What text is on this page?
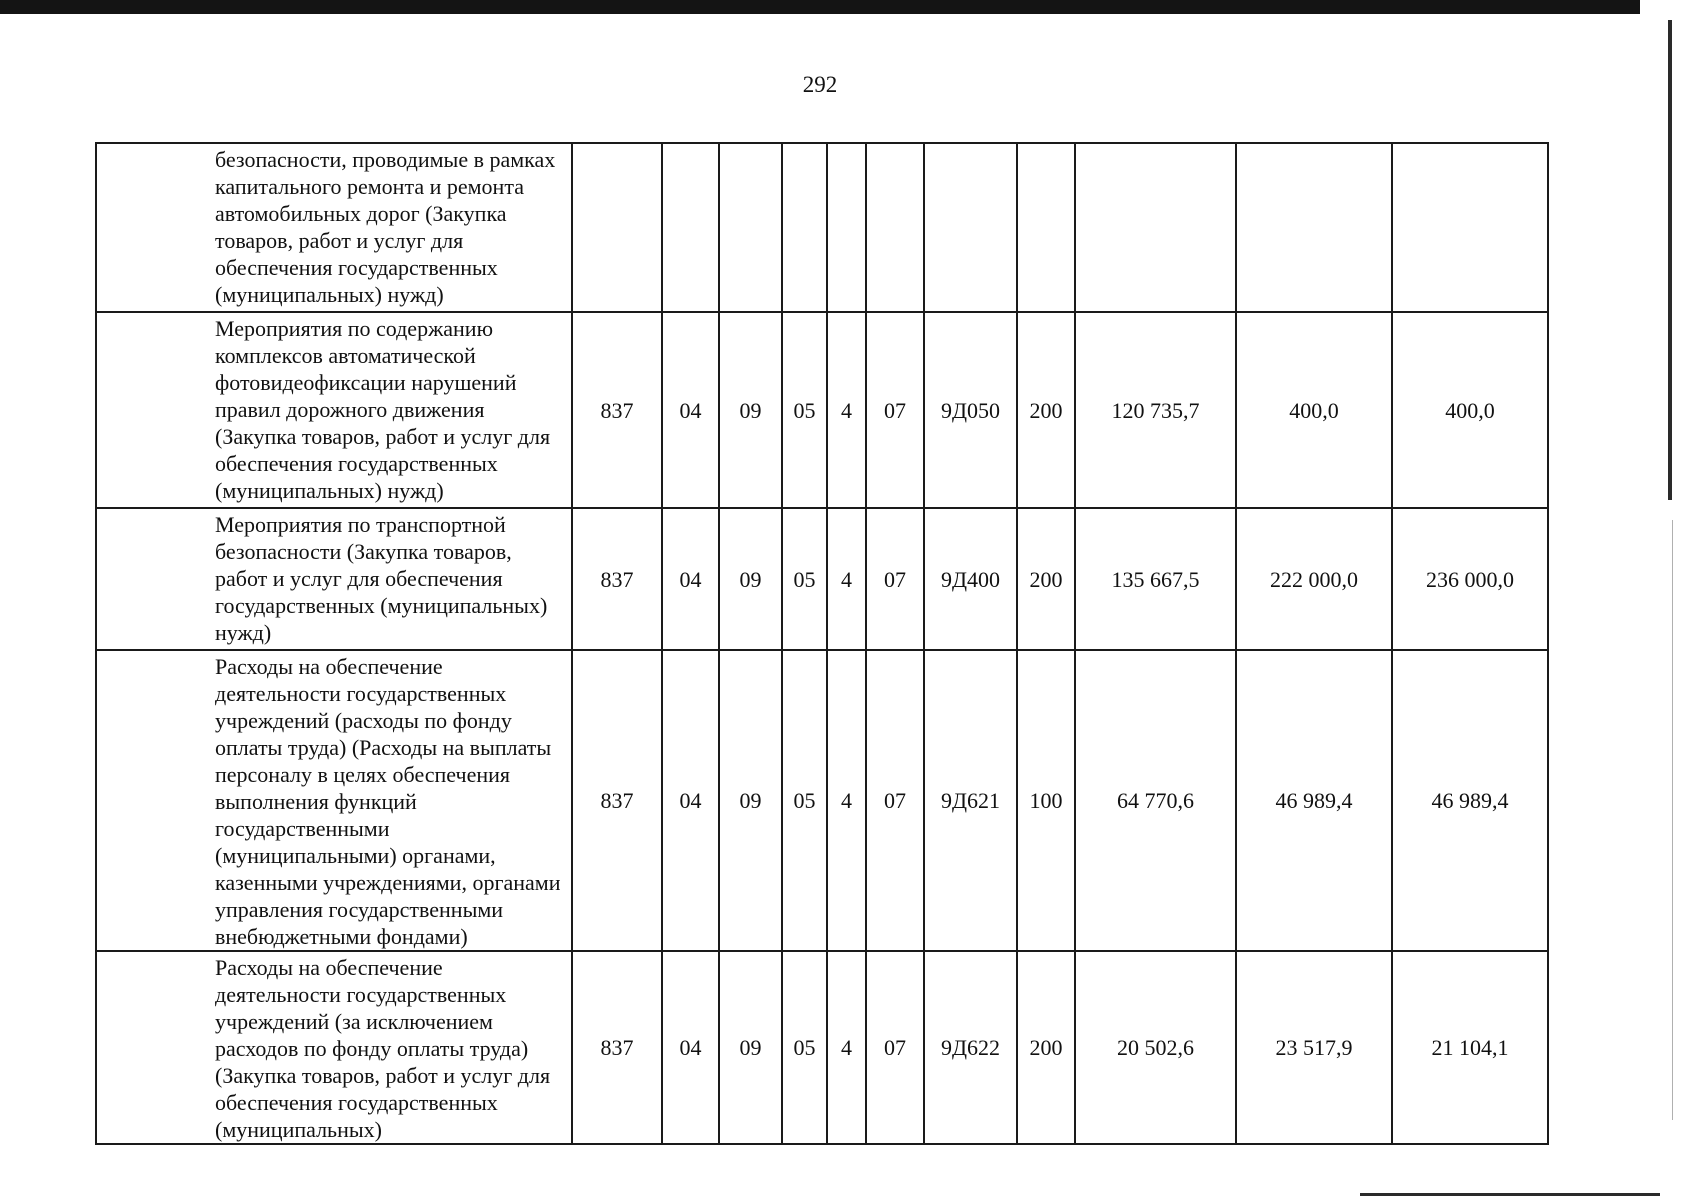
292
	безопасности, проводимые в рамках капитального ремонта и ремонта автомобильных дорог (Закупка товаров, работ и услуг для обеспечения государственных (муниципальных) нужд)											
	Мероприятия по содержанию комплексов автоматической фотовидеофиксации нарушений правил дорожного движения (Закупка товаров, работ и услуг для обеспечения государственных (муниципальных) нужд)	837	04	09	05	4	07	9Д050	200	120 735,7	400,0	400,0
	Мероприятия по транспортной безопасности (Закупка товаров, работ и услуг для обеспечения государственных (муниципальных) нужд)	837	04	09	05	4	07	9Д400	200	135 667,5	222 000,0	236 000,0
	Расходы на обеспечение деятельности государственных учреждений (расходы по фонду оплаты труда) (Расходы на выплаты персоналу в целях обеспечения выполнения функций государственными (муниципальными) органами, казенными учреждениями, органами управления государственными внебюджетными фондами)	837	04	09	05	4	07	9Д621	100	64 770,6	46 989,4	46 989,4
	Расходы на обеспечение деятельности государственных учреждений (за исключением расходов по фонду оплаты труда) (Закупка товаров, работ и услуг для обеспечения государственных (муниципальных)	837	04	09	05	4	07	9Д622	200	20 502,6	23 517,9	21 104,1
